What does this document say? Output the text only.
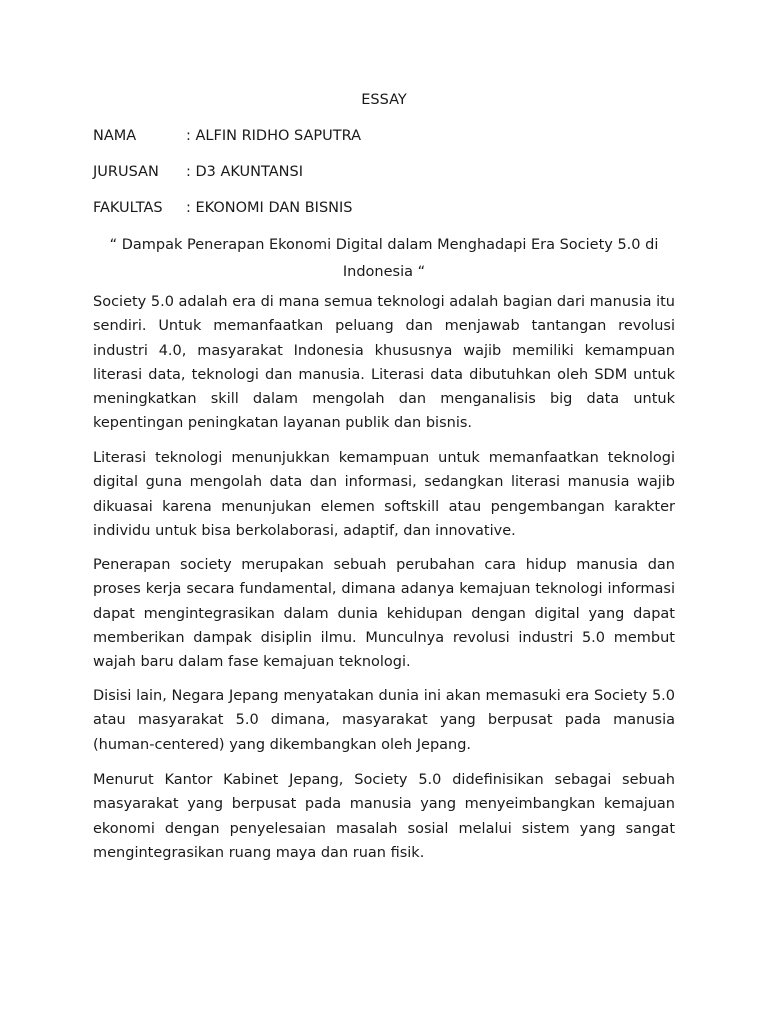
ESSAY
NAMA	: ALFIN RIDHO SAPUTRA
JURUSAN : D3 AKUNTANSI
FAKULTAS : EKONOMI DAN BISNIS
“ Dampak Penerapan Ekonomi Digital dalam Menghadapi Era Society 5.0 di Indonesia “

Society 5.0 adalah era di mana semua teknologi adalah bagian dari manusia itu sendiri. Untuk memanfaatkan peluang dan menjawab tantangan revolusi industri 4.0, masyarakat Indonesia khususnya wajib memiliki kemampuan literasi data, teknologi dan manusia. Literasi data dibutuhkan oleh SDM untuk meningkatkan skill dalam mengolah dan menganalisis big data untuk kepentingan peningkatan layanan publik dan bisnis.

Literasi teknologi menunjukkan kemampuan untuk memanfaatkan teknologi digital guna mengolah data dan informasi, sedangkan literasi manusia wajib dikuasai karena menunjukan elemen softskill atau pengembangan karakter individu untuk bisa berkolaborasi, adaptif, dan innovative.

Penerapan society merupakan sebuah perubahan cara hidup manusia dan proses kerja secara fundamental, dimana adanya kemajuan teknologi informasi dapat mengintegrasikan dalam dunia kehidupan dengan digital yang dapat memberikan dampak disiplin ilmu. Munculnya revolusi industri 5.0 membut wajah baru dalam fase kemajuan teknologi.

Disisi lain, Negara Jepang menyatakan dunia ini akan memasuki era Society 5.0 atau masyarakat 5.0 dimana, masyarakat yang berpusat pada manusia (human-centered) yang dikembangkan oleh Jepang.

Menurut Kantor Kabinet Jepang, Society 5.0 didefinisikan sebagai sebuah masyarakat yang berpusat pada manusia yang menyeimbangkan kemajuan ekonomi dengan penyelesaian masalah sosial melalui sistem yang sangat mengintegrasikan ruang maya dan ruan fisik.
